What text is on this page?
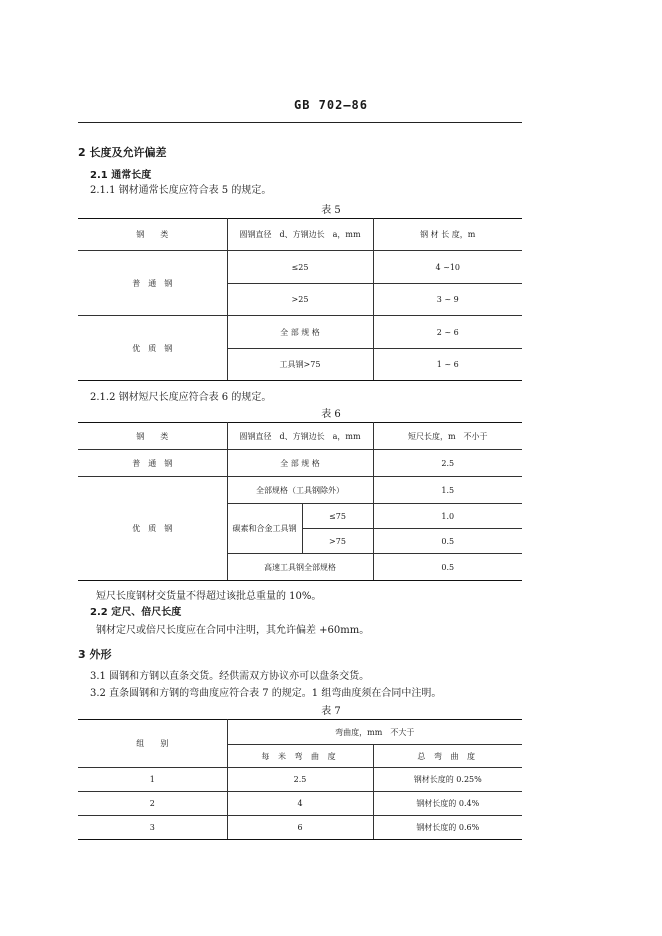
GB 702—86
2 长度及允许偏差
2.1 通常长度
2.1.1 钢材通常长度应符合表 5 的规定。
表 5
钢　　类	圆钢直径　d、方钢边长　a，mm	钢 材 长 度，m
普　通　钢	≤25	4 ~10
	>25	3 ~ 9
优　质　钢	全 部 规 格	2 ~ 6
	工具钢>75	1 ~ 6
2.1.2 钢材短尺长度应符合表 6 的规定。
表 6
钢　　类	圆钢直径　d、方钢边长　a，mm		短尺长度，m　不小于
普　通　钢	全 部 规 格		2.5
优　质　钢	全部规格（工具钢除外）		1.5
	碳素和合金工具钢	≤75	1.0
		>75	0.5
	高速工具钢全部规格		0.5
短尺长度钢材交货量不得超过该批总重量的 10%。
2.2 定尺、倍尺长度
钢材定尺或倍尺长度应在合同中注明，其允许偏差 +60mm。
3 外形
3.1 圆钢和方钢以直条交货。经供需双方协议亦可以盘条交货。
3.2 直条圆钢和方钢的弯曲度应符合表 7 的规定。1 组弯曲度须在合同中注明。
表 7
组　　别	弯曲度，mm　不大于	
	每 米 弯 曲 度	总 弯 曲 度
1	2.5	钢材长度的 0.25%
2	4	钢材长度的 0.4%
3	6	钢材长度的 0.6%
